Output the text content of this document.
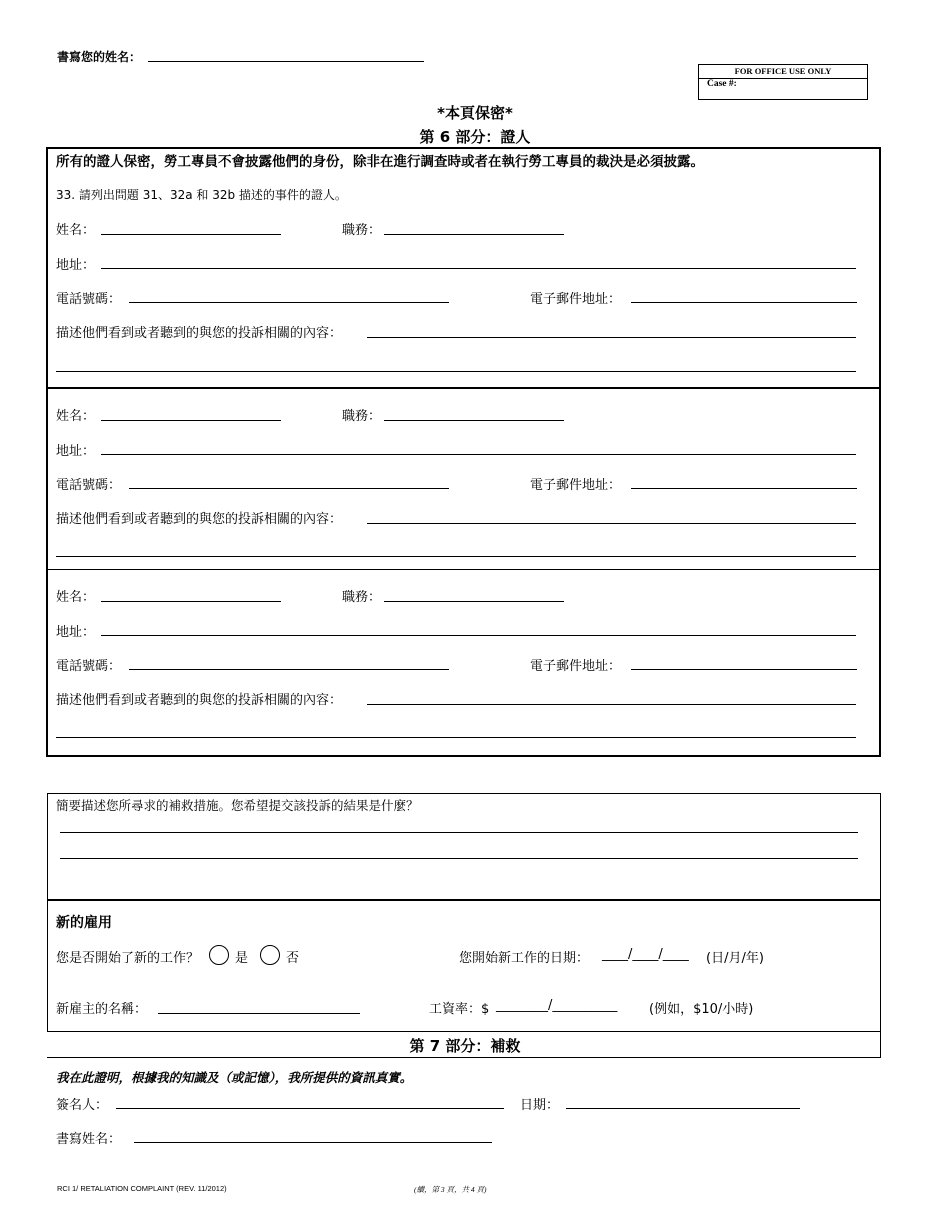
書寫您的姓名：
FOR OFFICE USE ONLY
Case #:
*本頁保密*
第 6 部分：證人
所有的證人保密，勞工專員不會披露他們的身份，除非在進行調查時或者在執行勞工專員的裁決是必須披露。
33. 請列出問題 31、32a 和 32b 描述的事件的證人。
姓名：	職務：
地址：
電話號碼：	電子郵件地址：
描述他們看到或者聽到的與您的投訴相關的內容：
姓名：	職務：
地址：
電話號碼：	電子郵件地址：
描述他們看到或者聽到的與您的投訴相關的內容：
姓名：	職務：
地址：
電話號碼：	電子郵件地址：
描述他們看到或者聽到的與您的投訴相關的內容：
簡要描述您所尋求的補救措施。您希望提交該投訴的結果是什麼？
新的雇用
您是否開始了新的工作？	是	否	您開始新工作的日期： ____/____/____ (日/月/年)
新雇主的名稱：	工資率：$ ________/__________ (例如，$10/小時)
第 7 部分：補救
我在此證明，根據我的知識及（或記憶），我所提供的資訊真實。
簽名人：	日期：
書寫姓名：
RCI 1/ RETALIATION COMPLAINT (REV. 11/2012)	(續，第 3 頁，共 4 頁)
